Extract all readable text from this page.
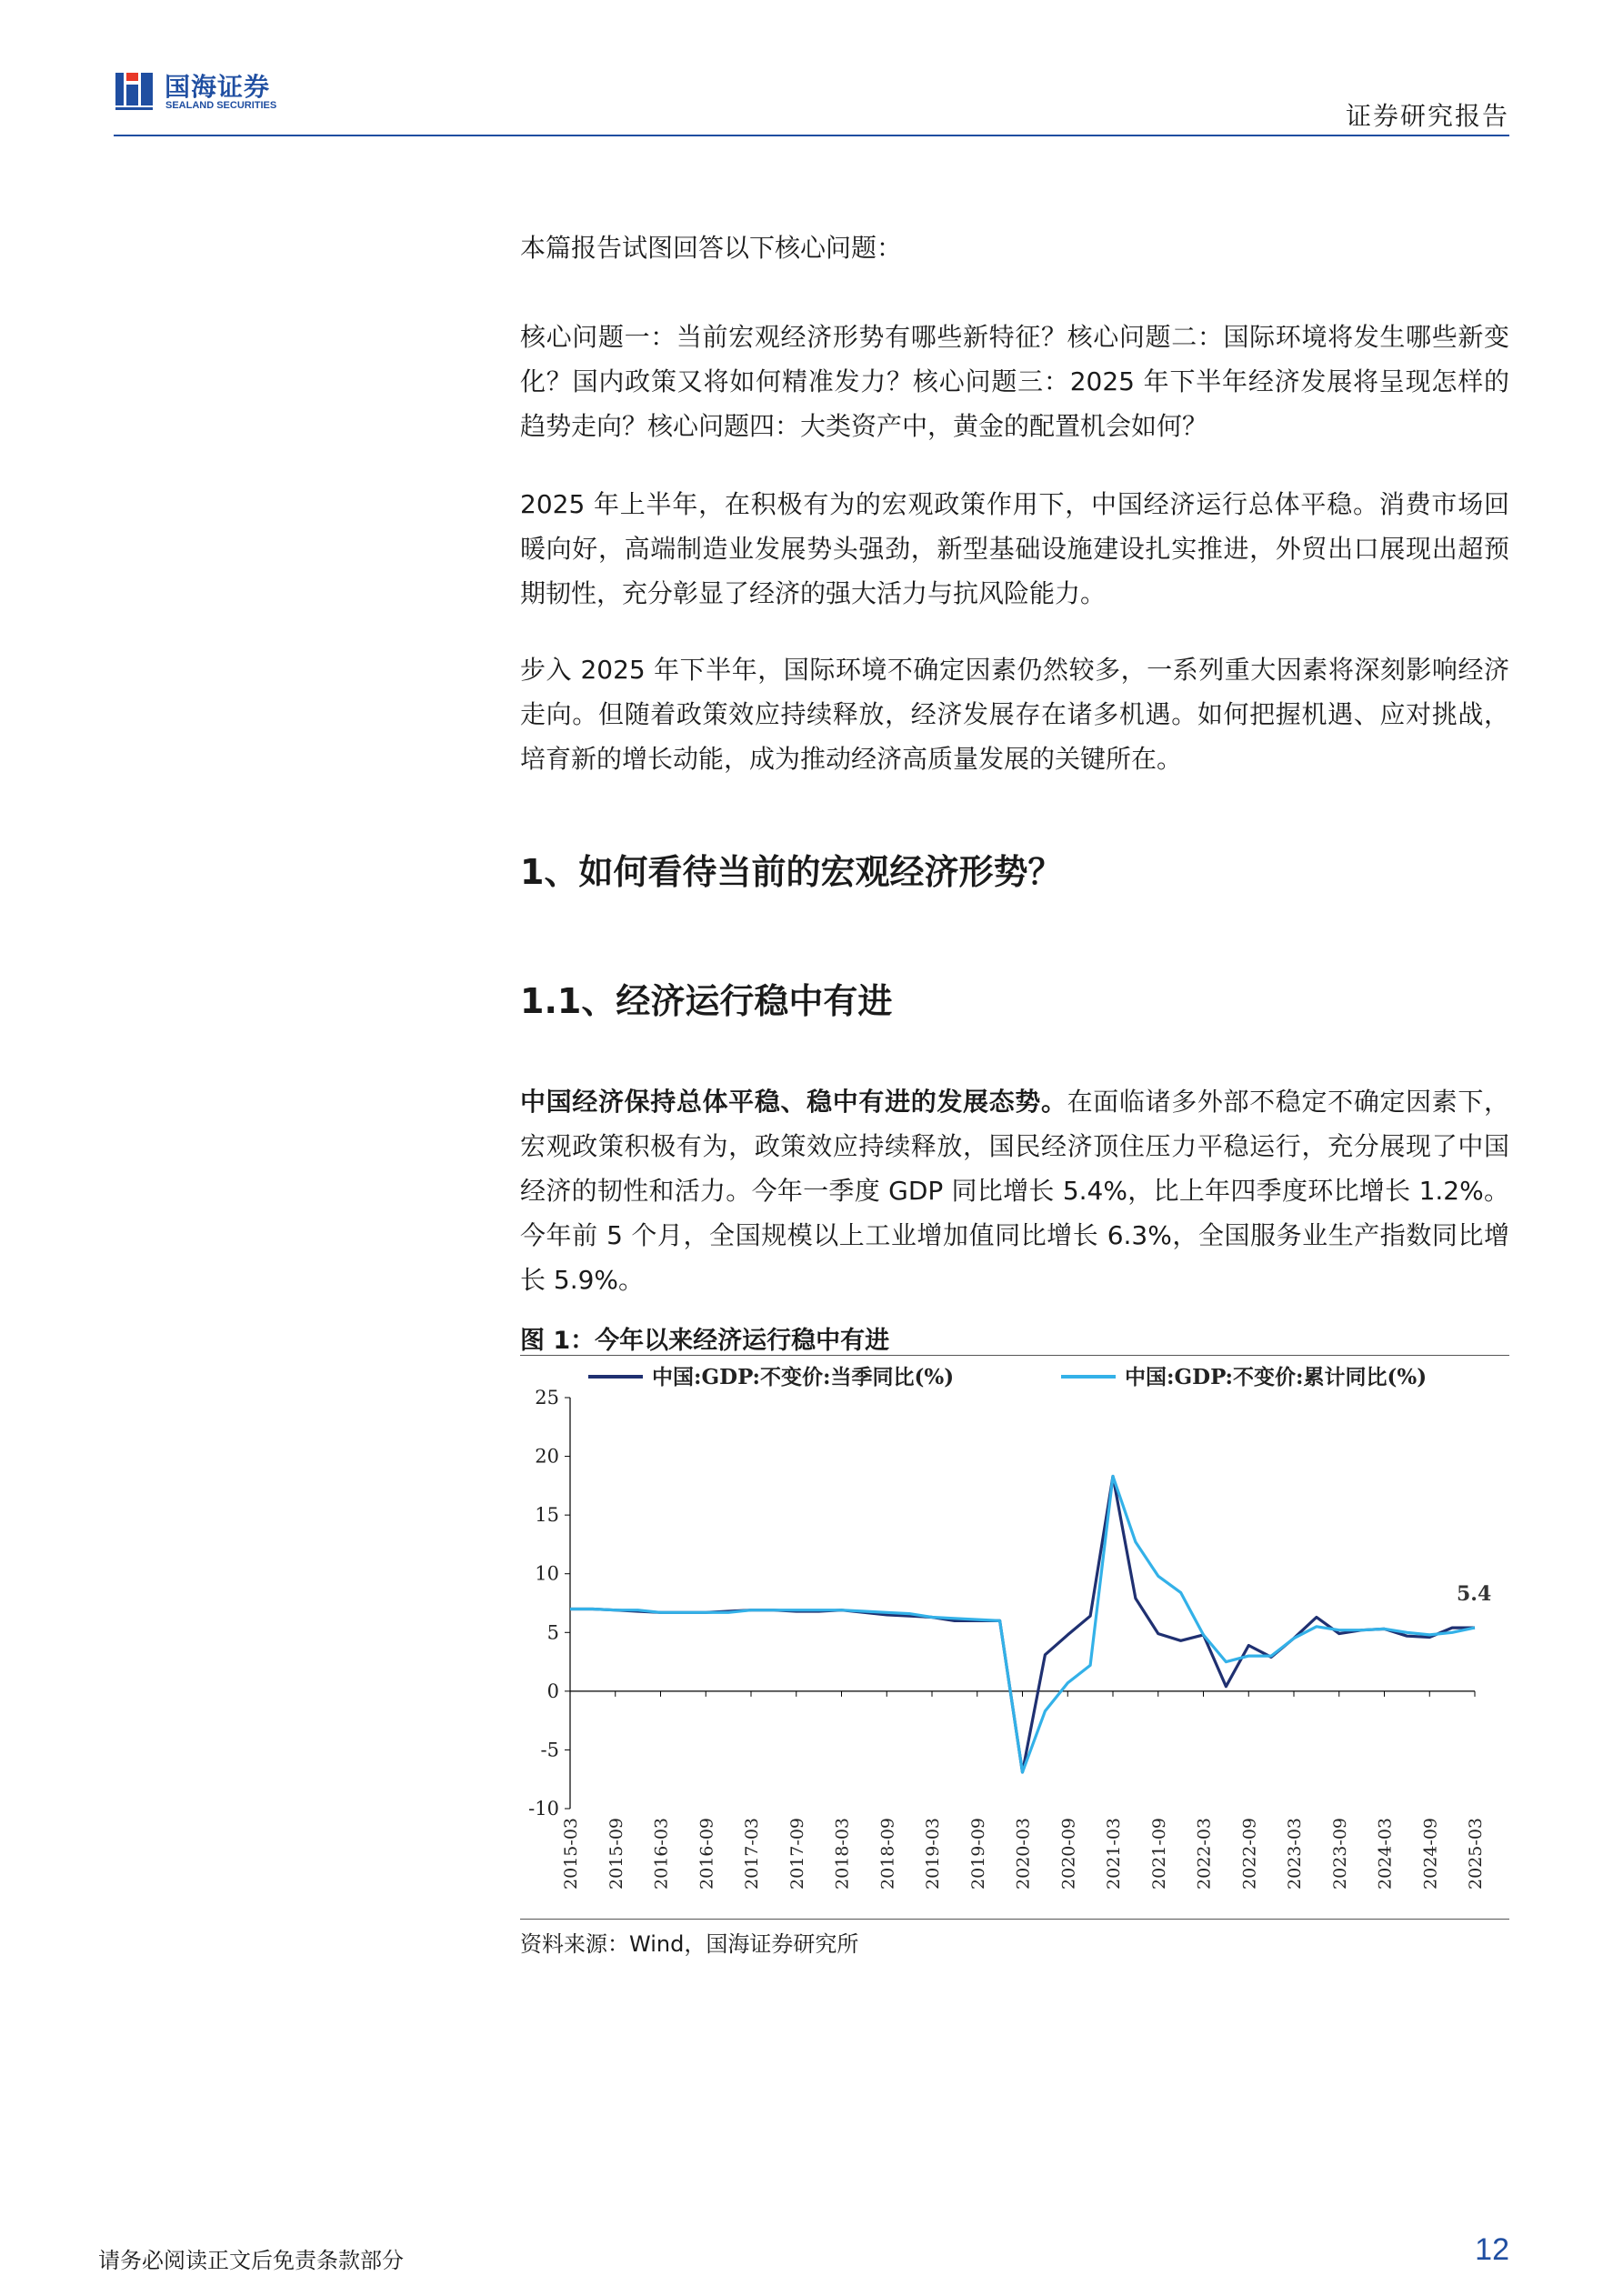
国海证券
SEALAND SECURITIES	证券研究报告

本篇报告试图回答以下核心问题：

核心问题一：当前宏观经济形势有哪些新特征？核心问题二：国际环境将发生哪些新变化？国内政策又将如何精准发力？核心问题三：2025 年下半年经济发展将呈现怎样的趋势走向？核心问题四：大类资产中，黄金的配置机会如何？

2025 年上半年，在积极有为的宏观政策作用下，中国经济运行总体平稳。消费市场回暖向好，高端制造业发展势头强劲，新型基础设施建设扎实推进，外贸出口展现出超预期韧性，充分彰显了经济的强大活力与抗风险能力。

步入 2025 年下半年，国际环境不确定因素仍然较多，一系列重大因素将深刻影响经济走向。但随着政策效应持续释放，经济发展存在诸多机遇。如何把握机遇、应对挑战，培育新的增长动能，成为推动经济高质量发展的关键所在。

1、如何看待当前的宏观经济形势？
1.1、经济运行稳中有进

中国经济保持总体平稳、稳中有进的发展态势。在面临诸多外部不稳定不确定因素下，宏观政策积极有为，政策效应持续释放，国民经济顶住压力平稳运行，充分展现了中国经济的韧性和活力。今年一季度 GDP 同比增长 5.4%，比上年四季度环比增长 1.2%。今年前 5 个月，全国规模以上工业增加值同比增长 6.3%，全国服务业生产指数同比增长 5.9%。

图 1：今年以来经济运行稳中有进
25
20
15
10
5
0
-5
-10
2015-03 2015-09 2016-03 2016-09 2017-03 2017-09 2018-03 2018-09 2019-03 2019-09 2020-03 2020-09 2021-03 2021-09 2022-03 2022-09 2023-03 2023-09 2024-03 2024-09 2025-03
中国:GDP:不变价:当季同比(%)	中国:GDP:不变价:累计同比(%)
5.4
资料来源：Wind，国海证券研究所
请务必阅读正文后免责条款部分	12
